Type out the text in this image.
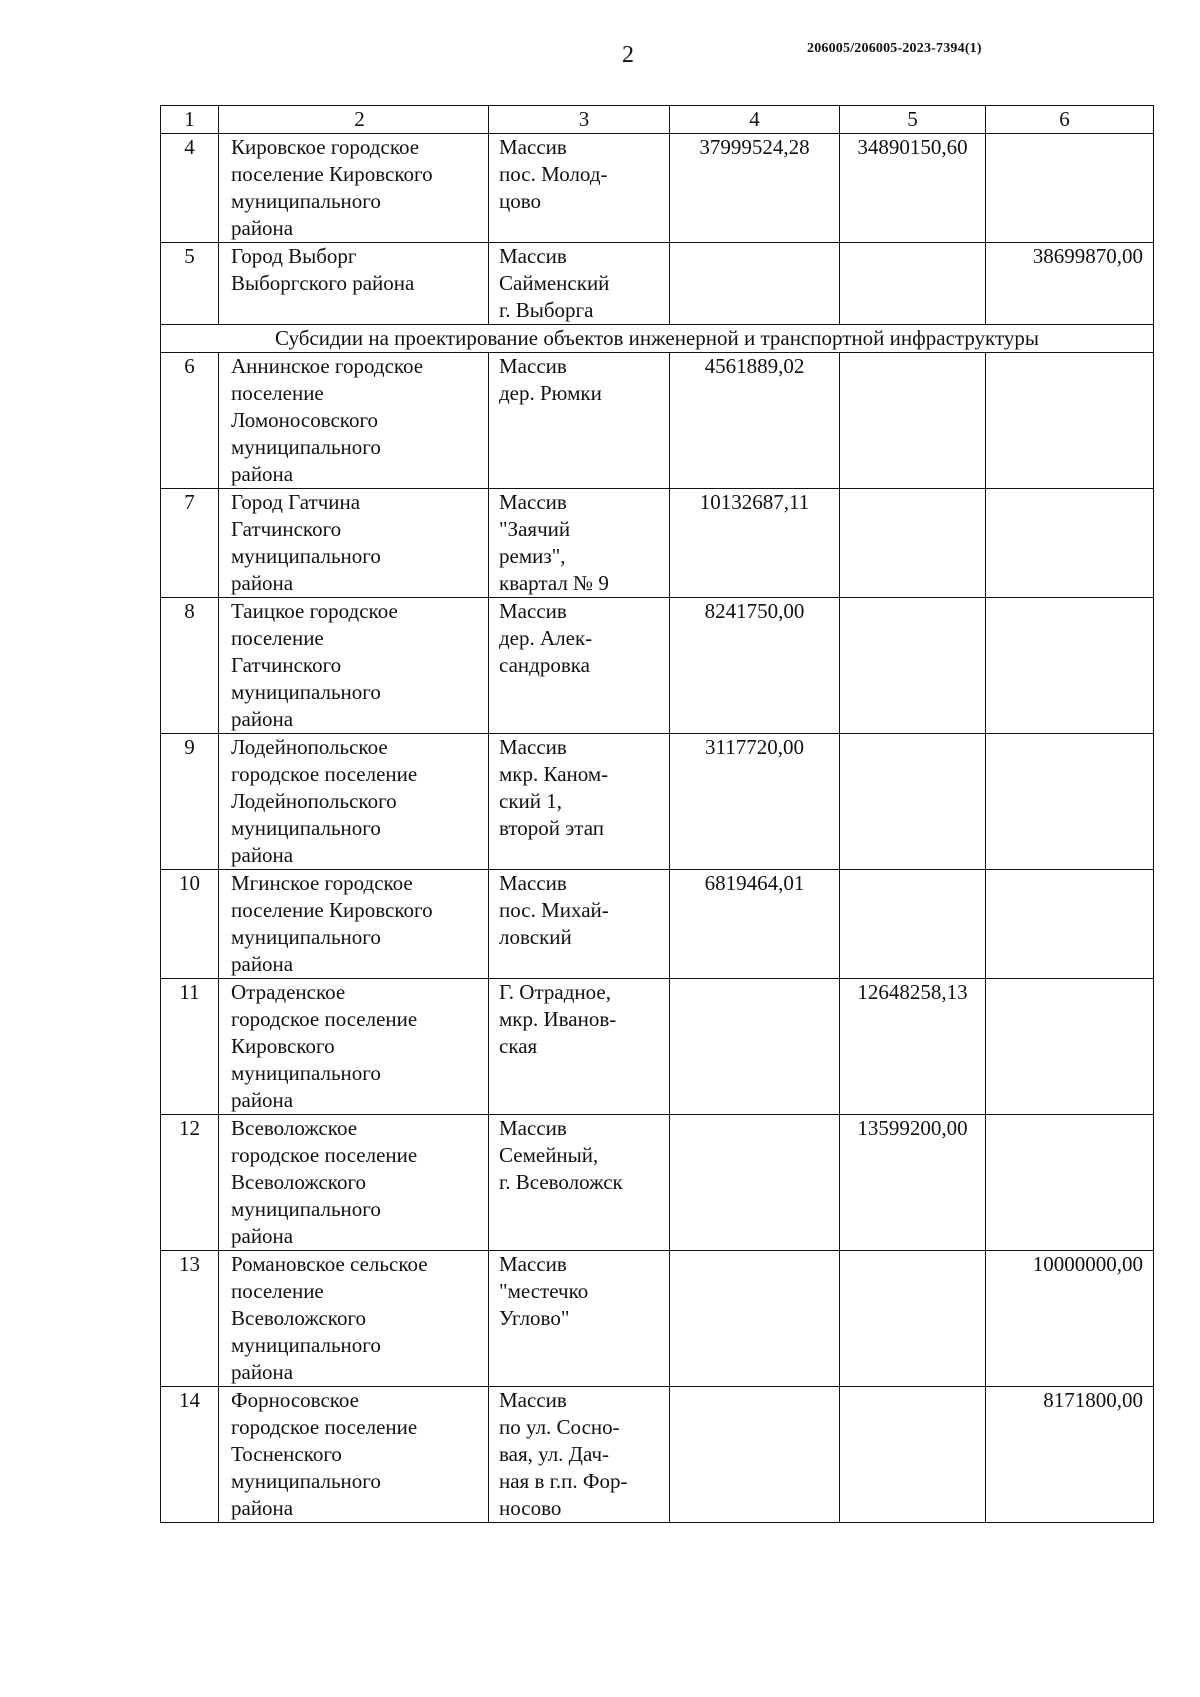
2	206005/206005-2023-7394(1)
1	2	3	4	5	6

4	Кировское городское
поселение Кировского
муниципального
района	Массив
пос. Молод-
цово	37999524,28	34890150,60	

5	Город Выборг
Выборгского района	Массив
Сайменский
г. Выборга			38699870,00

Субсидии на проектирование объектов инженерной и транспортной инфраструктуры					

6	Аннинское городское
поселение
Ломоносовского
муниципального
района	Массив
дер. Рюмки	4561889,02		

7	Город Гатчина
Гатчинского
муниципального
района	Массив
"Заячий
ремиз",
квартал № 9	10132687,11		

8	Таицкое городское
поселение
Гатчинского
муниципального
района	Массив
дер. Алек-
сандровка	8241750,00		

9	Лодейнопольское
городское поселение
Лодейнопольского
муниципального
района	Массив
мкр. Каном-
ский 1,
второй этап	3117720,00		

10	Мгинское городское
поселение Кировского
муниципального
района	Массив
пос. Михай-
ловский	6819464,01		

11	Отраденское
городское поселение
Кировского
муниципального
района	Г. Отрадное,
мкр. Иванов-
ская		12648258,13	

12	Всеволожское
городское поселение
Всеволожского
муниципального
района	Массив
Семейный,
г. Всеволожск		13599200,00	

13	Романовское сельское
поселение
Всеволожского
муниципального
района	Массив
"местечко
Углово"			10000000,00

14	Форносовское
городское поселение
Тосненского
муниципального
района	Массив
по ул. Сосно-
вая, ул. Дач-
ная в г.п. Фор-
носово			8171800,00
